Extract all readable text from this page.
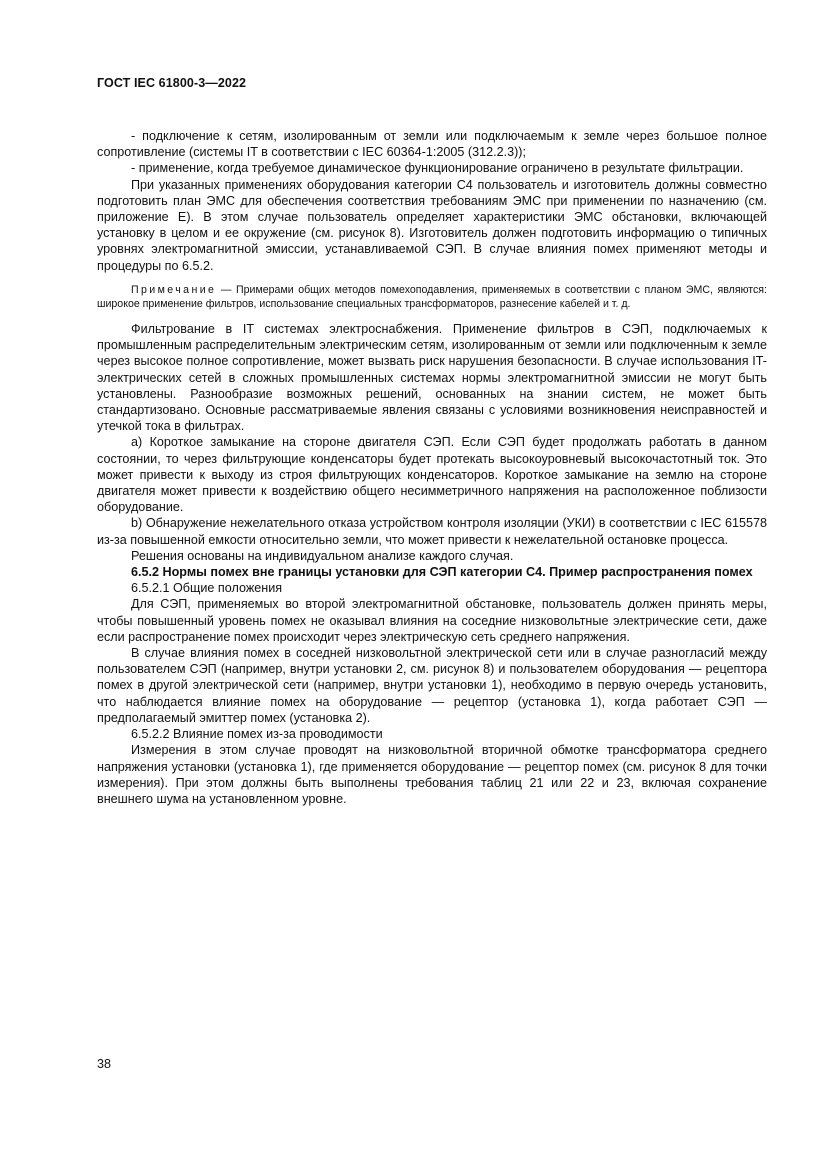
ГОСТ IEC 61800-3—2022

- подключение к сетям, изолированным от земли или подключаемым к земле через большое полное сопротивление (системы IT в соответствии с IEC 60364-1:2005 (312.2.3));

- применение, когда требуемое динамическое функционирование ограничено в результате фильтрации.

При указанных применениях оборудования категории С4 пользователь и изготовитель должны совместно подготовить план ЭМС для обеспечения соответствия требованиям ЭМС при применении по назначению (см. приложение Е). В этом случае пользователь определяет характеристики ЭМС обстановки, включающей установку в целом и ее окружение (см. рисунок 8). Изготовитель должен подготовить информацию о типичных уровнях электромагнитной эмиссии, устанавливаемой СЭП. В случае влияния помех применяют методы и процедуры по 6.5.2.

Примечание — Примерами общих методов помехоподавления, применяемых в соответствии с планом ЭМС, являются: широкое применение фильтров, использование специальных трансформаторов, разнесение кабелей и т. д.

Фильтрование в IT системах электроснабжения. Применение фильтров в СЭП, подключаемых к промышленным распределительным электрическим сетям, изолированным от земли или подключенным к земле через высокое полное сопротивление, может вызвать риск нарушения безопасности. В случае использования IT-электрических сетей в сложных промышленных системах нормы электромагнитной эмиссии не могут быть установлены. Разнообразие возможных решений, основанных на знании систем, не может быть стандартизовано. Основные рассматриваемые явления связаны с условиями возникновения неисправностей и утечкой тока в фильтрах.

а) Короткое замыкание на стороне двигателя СЭП. Если СЭП будет продолжать работать в данном состоянии, то через фильтрующие конденсаторы будет протекать высокоуровневый высокочастотный ток. Это может привести к выходу из строя фильтрующих конденсаторов. Короткое замыкание на землю на стороне двигателя может привести к воздействию общего несимметричного напряжения на расположенное поблизости оборудование.

b) Обнаружение нежелательного отказа устройством контроля изоляции (УКИ) в соответствии с IEC 615578 из-за повышенной емкости относительно земли, что может привести к нежелательной остановке процесса.

Решения основаны на индивидуальном анализе каждого случая.

6.5.2 Нормы помех вне границы установки для СЭП категории С4. Пример распространения помех

6.5.2.1 Общие положения

Для СЭП, применяемых во второй электромагнитной обстановке, пользователь должен принять меры, чтобы повышенный уровень помех не оказывал влияния на соседние низковольтные электрические сети, даже если распространение помех происходит через электрическую сеть среднего напряжения.

В случае влияния помех в соседней низковольтной электрической сети или в случае разногласий между пользователем СЭП (например, внутри установки 2, см. рисунок 8) и пользователем оборудования — рецептора помех в другой электрической сети (например, внутри установки 1), необходимо в первую очередь установить, что наблюдается влияние помех на оборудование — рецептор (установка 1), когда работает СЭП — предполагаемый эмиттер помех (установка 2).

6.5.2.2 Влияние помех из-за проводимости

Измерения в этом случае проводят на низковольтной вторичной обмотке трансформатора среднего напряжения установки (установка 1), где применяется оборудование — рецептор помех (см. рисунок 8 для точки измерения). При этом должны быть выполнены требования таблиц 21 или 22 и 23, включая сохранение внешнего шума на установленном уровне.

38
